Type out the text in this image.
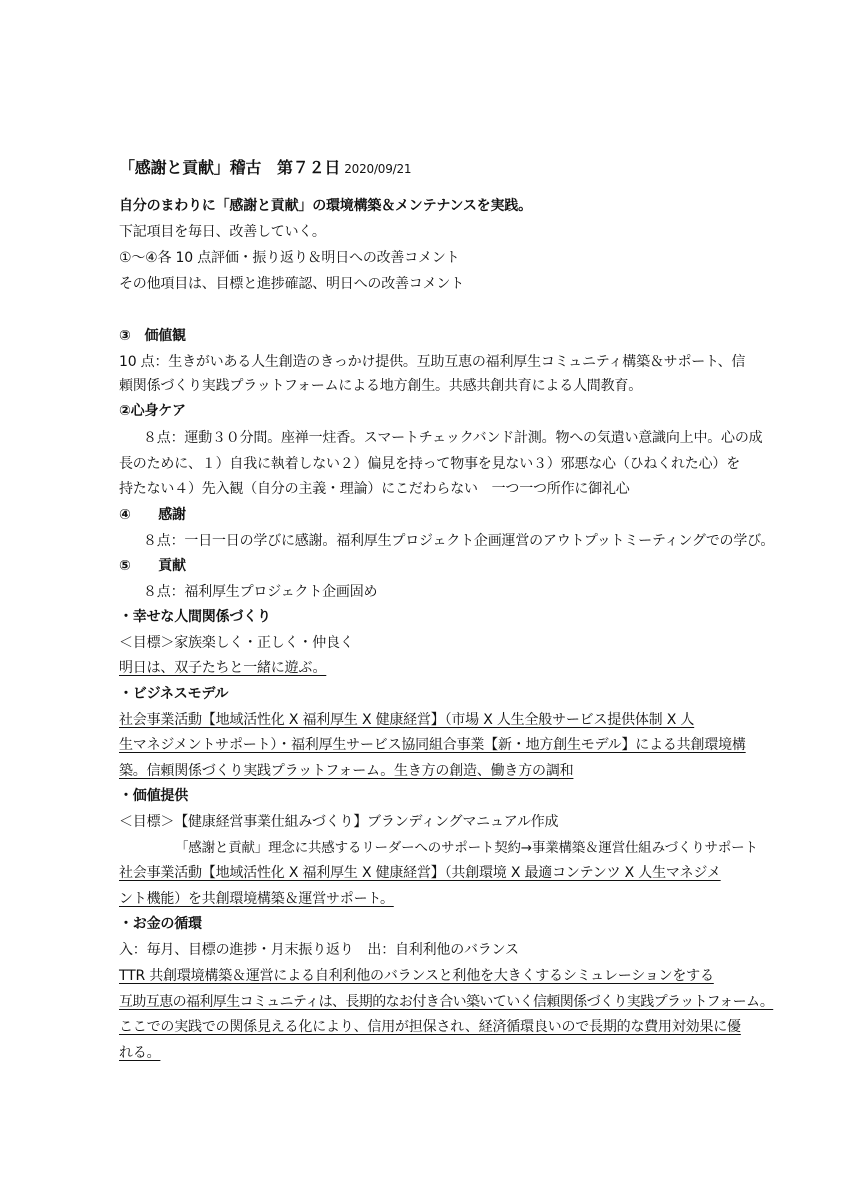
「感謝と貢献」稽古　第７２日 2020/09/21
自分のまわりに「感謝と貢献」の環境構築＆メンテナンスを実践。
下記項目を毎日、改善していく。
①～④各 10 点評価・振り返り＆明日への改善コメント
その他項目は、目標と進捗確認、明日への改善コメント
③　価値観
10 点：生きがいある人生創造のきっかけ提供。互助互恵の福利厚生コミュニティ構築＆サポート、信
頼関係づくり実践プラットフォームによる地方創生。共感共創共育による人間教育。
②心身ケア
８点：運動３０分間。座禅一炷香。スマートチェックバンド計測。物への気遣い意識向上中。心の成
長のために、１）自我に執着しない２）偏見を持って物事を見ない３）邪悪な心（ひねくれた心）を
持たない４）先入観（自分の主義・理論）にこだわらない　一つ一つ所作に御礼心
④　　感謝
８点：一日一日の学びに感謝。福利厚生プロジェクト企画運営のアウトプットミーティングでの学び。
⑤　　貢献
８点：福利厚生プロジェクト企画固め
・幸せな人間関係づくり
＜目標＞家族楽しく・正しく・仲良く
明日は、双子たちと一緒に遊ぶ。
・ビジネスモデル
社会事業活動【地域活性化 X 福利厚生 X 健康経営】（市場 X 人生全般サービス提供体制 X 人
生マネジメントサポート）・福利厚生サービス協同組合事業【新・地方創生モデル】による共創環境構
築。信頼関係づくり実践プラットフォーム。生き方の創造、働き方の調和
・価値提供
＜目標＞【健康経営事業仕組みづくり】ブランディングマニュアル作成
「感謝と貢献」理念に共感するリーダーへのサポート契約→事業構築＆運営仕組みづくりサポート
社会事業活動【地域活性化 X 福利厚生 X 健康経営】（共創環境 X 最適コンテンツ X 人生マネジメ
ント機能）を共創環境構築＆運営サポート。
・お金の循環
入：毎月、目標の進捗・月末振り返り　出：自利利他のバランス
TTR 共創環境構築＆運営による自利利他のバランスと利他を大きくするシミュレーションをする
互助互恵の福利厚生コミュニティは、長期的なお付き合い築いていく信頼関係づくり実践プラットフォーム。
ここでの実践での関係見える化により、信用が担保され、経済循環良いので長期的な費用対効果に優
れる。
